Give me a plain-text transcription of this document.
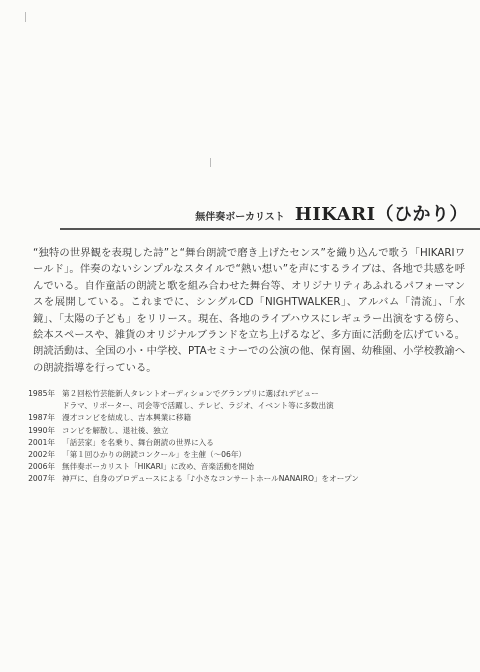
無伴奏ボーカリスト HIKARI（ひかり）

“独特の世界観を表現した詩”と“舞台朗読で磨き上げたセンス”を織り込んで歌う「HIKARIワールド」。伴奏のないシンプルなスタイルで“熱い想い”を声にするライブは、各地で共感を呼んでいる。自作童話の朗読と歌を組み合わせた舞台等、オリジナリティあふれるパフォーマンスを展開している。これまでに、シングルCD「NIGHTWALKER」、アルバム「清流」、「水鏡」、「太陽の子ども」をリリース。現在、各地のライブハウスにレギュラー出演をする傍ら、絵本スペースや、雑貨のオリジナルブランドを立ち上げるなど、多方面に活動を広げている。朗読活動は、全国の小・中学校、PTAセミナーでの公演の他、保育園、幼稚園、小学校教諭への朗読指導を行っている。

1985年 第２回松竹芸能新人タレントオーディションでグランプリに選ばれデビュー
ドラマ、リポーター、司会等で活躍し、テレビ、ラジオ、イベント等に多数出演
1987年 漫才コンビを結成し、吉本興業に移籍
1990年 コンビを解散し、退社後、独立
2001年 「話芸家」を名乗り、舞台朗読の世界に入る
2002年 「第１回ひかりの朗読コンクール」を主催（～06年）
2006年 無伴奏ボーカリスト「HIKARI」に改め、音楽活動を開始
2007年 神戸に、自身のプロデュースによる「♪小さなコンサートホールNANAIRO」をオープン
